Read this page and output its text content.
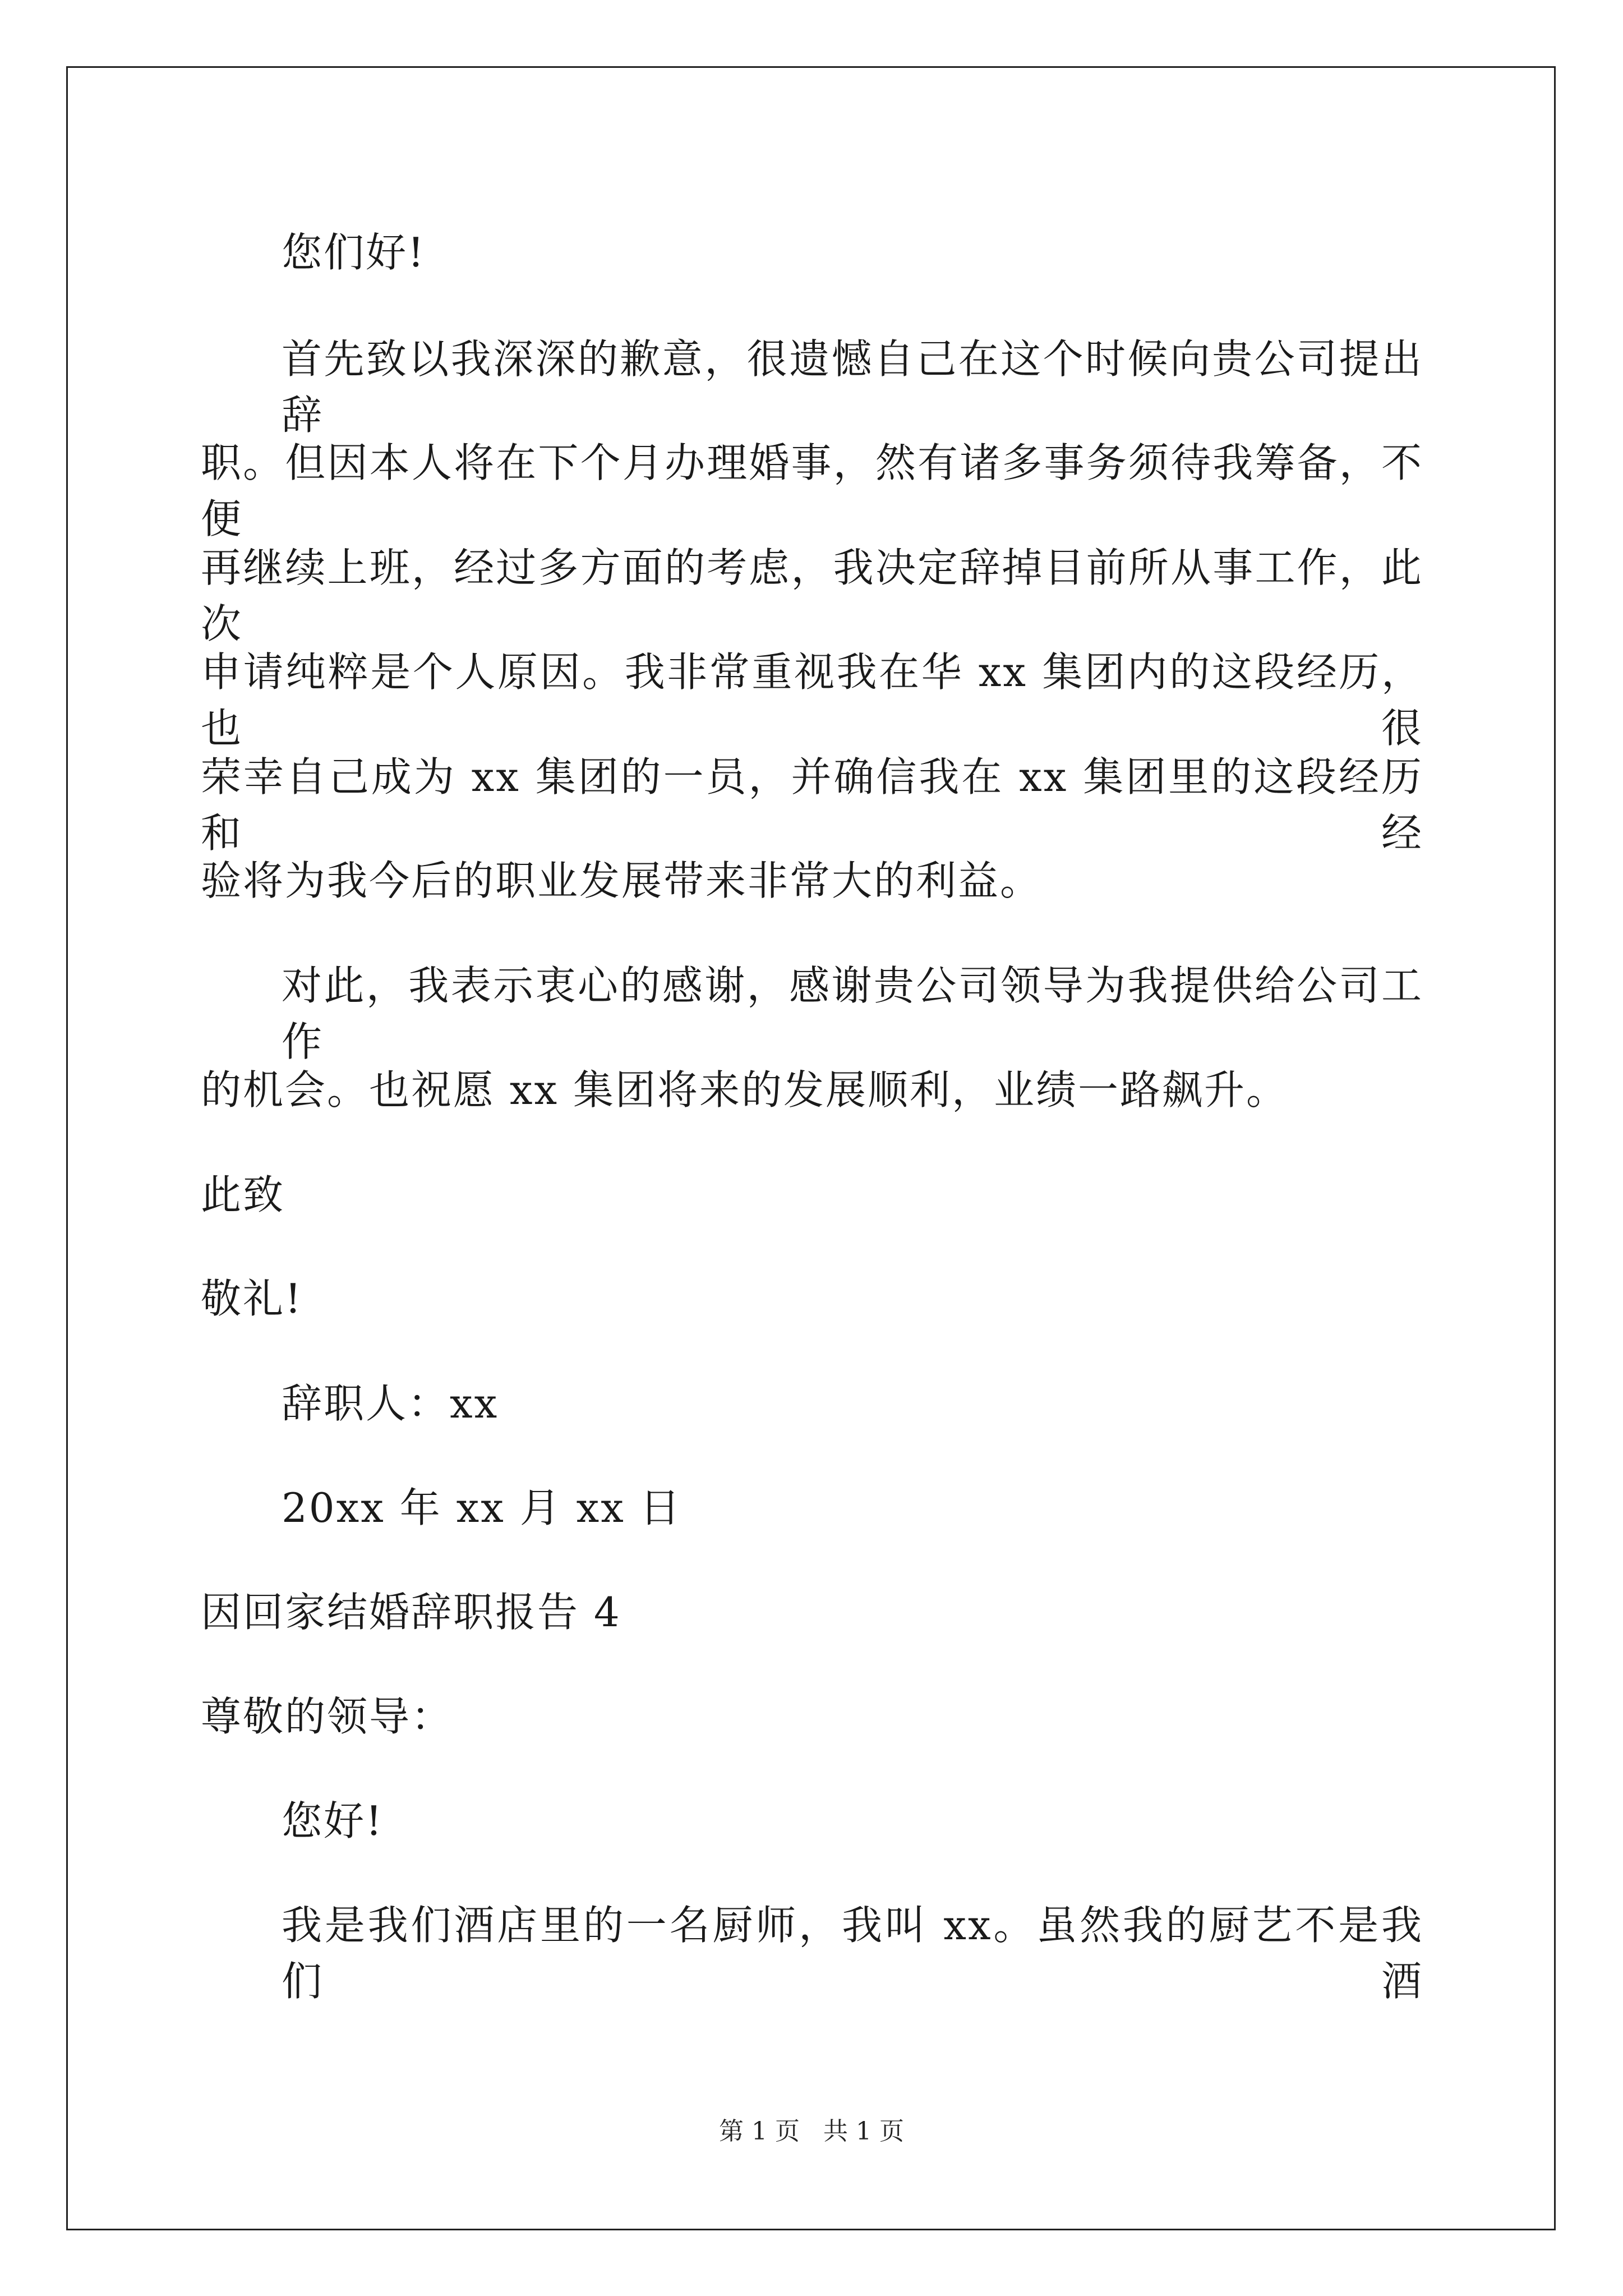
您们好!
首先致以我深深的歉意，很遗憾自己在这个时候向贵公司提出辞
职。但因本人将在下个月办理婚事，然有诸多事务须待我筹备，不便
再继续上班，经过多方面的考虑，我决定辞掉目前所从事工作，此次
申请纯粹是个人原因。我非常重视我在华 xx 集团内的这段经历，也很
荣幸自己成为 xx 集团的一员，并确信我在 xx 集团里的这段经历和经
验将为我今后的职业发展带来非常大的利益。
对此，我表示衷心的感谢，感谢贵公司领导为我提供给公司工作
的机会。也祝愿 xx 集团将来的发展顺利，业绩一路飙升。
此致
敬礼!
辞职人：xx
20xx 年 xx 月 xx 日
因回家结婚辞职报告 4
尊敬的领导：
您好!
我是我们酒店里的一名厨师，我叫 xx。虽然我的厨艺不是我们酒
第 1 页 共 1 页
